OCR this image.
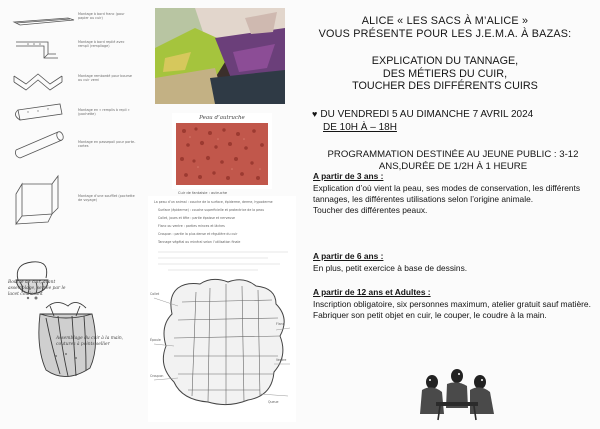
Montage à bord franc (pour papier ou cuir)
Montage à bord replié avec rempli (rempliage)
Montage rembordé pour bourse ou cuir verni
Montage en « remplis à repli » (pochette)
Montage en passepoil pour porte-cartes
Montage d’une soufflet (pochette de voyage)
Bourse de cuir, avant assemblage, serrée par le lacet coulissant
Assemblage du cuir à la main, coutures à points sellier
Peau d’autruche
Cuir de fantaisie : autruche
La peau d’un animal : couche de la surface, épiderme, derme, hypoderme
Surface (épiderme) : couche superficielle et protectrice de la peau
Collet, joues et tête : partie épaisse et nerveuse
Flanc ou ventre : parties minces et lâches
Croupon : partie la plus dense et régulière du cuir
Tannage végétal ou minéral selon l’utilisation finale
Collet
Épaule
Croupon
Flanc
Ventre
Queue
ALICE « LES SACS À M’ALICE »
VOUS PRÉSENTE POUR LES J.E.M.A. À BAZAS:
EXPLICATION DU TANNAGE,
DES MÉTIERS DU CUIR,
TOUCHER DES DIFFÉRENTS CUIRS
♥ DU VENDREDI 5 AU DIMANCHE 7 AVRIL 2024
DE 10H À – 18H
PROGRAMMATION DESTINÉE AU JEUNE PUBLIC : 3-12
ANS,DURÉE DE 1/2H À 1 HEURE
A partir de 3 ans :
Explication d’où vient la peau, ses modes de conservation, les différents tannages, les différentes utilisations selon l’origine animale.
Toucher des différentes peaux.
A partir de 6 ans :
En plus, petit exercice à base de dessins.
A partir de 12 ans et Adultes :
Inscription obligatoire, six personnes maximum, atelier gratuit sauf matière.
Fabriquer son petit objet en cuir, le couper, le coudre à la main.
